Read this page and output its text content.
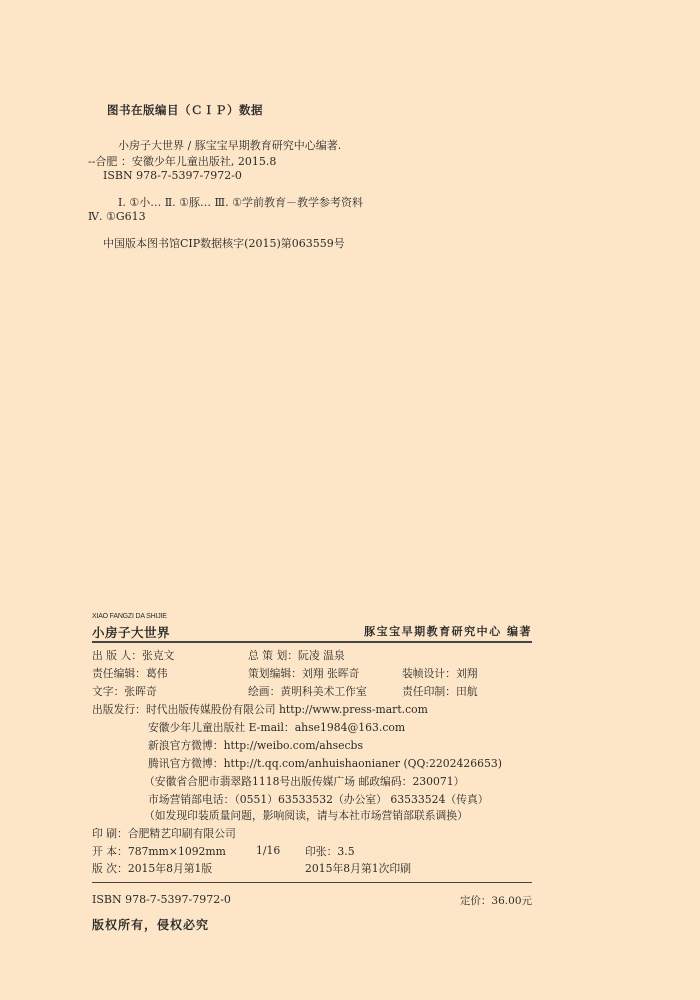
图书在版编目（ＣＩＰ）数据
小房子大世界 / 豚宝宝早期教育研究中心编著.
--合肥 ：安徽少年儿童出版社, 2015.8
ISBN 978-7-5397-7972-0
Ⅰ. ①小… Ⅱ. ①豚… Ⅲ. ①学前教育－教学参考资料
Ⅳ. ①G613
中国版本图书馆CIP数据核字(2015)第063559号
XIAO FANGZI DA SHIJIE
小房子大世界	豚宝宝早期教育研究中心 编著
出 版 人：张克文	总 策 划：阮凌 温泉
责任编辑：葛伟	策划编辑：刘翔 张晖奇	装帧设计：刘翔
文字：张晖奇	绘画：黄明科美术工作室	责任印制：田航
出版发行：时代出版传媒股份有限公司 http://www.press-mart.com
安徽少年儿童出版社 E-mail：ahse1984@163.com
新浪官方微博：http://weibo.com/ahsecbs
腾讯官方微博：http://t.qq.com/anhuishaonianer (QQ:2202426653)
（安徽省合肥市翡翠路1118号出版传媒广场 邮政编码：230071）
市场营销部电话：（0551）63533532（办公室） 63533524（传真）
（如发现印装质量问题，影响阅读，请与本社市场营销部联系调换）
印 刷：合肥精艺印刷有限公司
开 本：787mm×1092mm	1/16 印张：3.5
版 次：2015年8月第1版	2015年8月第1次印刷
ISBN 978-7-5397-7972-0	定价：36.00元
版权所有，侵权必究
